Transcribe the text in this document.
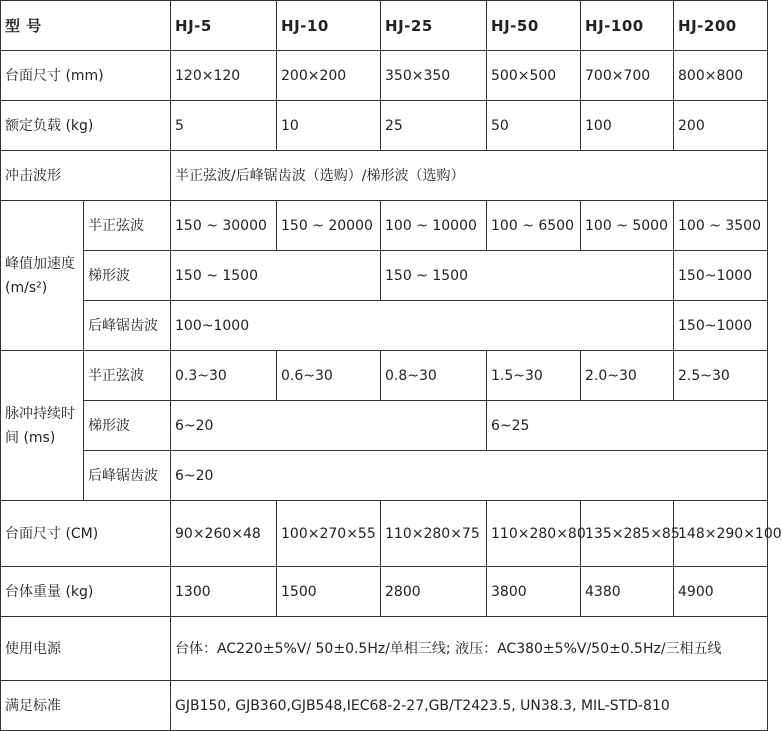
型 号		HJ-5	HJ-10	HJ-25	HJ-50	HJ-100	HJ-200
台面尺寸 (mm)		120×120	200×200	350×350	500×500	700×700	800×800
额定负载 (kg)		5	10	25	50	100	200
冲击波形		半正弦波/后峰锯齿波（选购）/梯形波（选购）					
峰值加速度 (m/s²)	半正弦波	150 ~ 30000	150 ~ 20000	100 ~ 10000	100 ~ 6500	100 ~ 5000	100 ~ 3500
	梯形波	150 ~ 1500		150 ~ 1500			150~1000
	后峰锯齿波	100~1000					150~1000
脉冲持续时间 (ms)	半正弦波	0.3~30	0.6~30	0.8~30	1.5~30	2.0~30	2.5~30
	梯形波	6~20			6~25		
	后峰锯齿波	6~20					
台面尺寸 (CM)		90×260×48	100×270×55	110×280×75	110×280×80	135×285×85	148×290×100
台体重量 (kg)		1300	1500	2800	3800	4380	4900
使用电源		台体：AC220±5%V/ 50±0.5Hz/单相三线; 液压：AC380±5%V/50±0.5Hz/三相五线					
满足标准		GJB150, GJB360,GJB548,IEC68-2-27,GB/T2423.5, UN38.3, MIL-STD-810					
